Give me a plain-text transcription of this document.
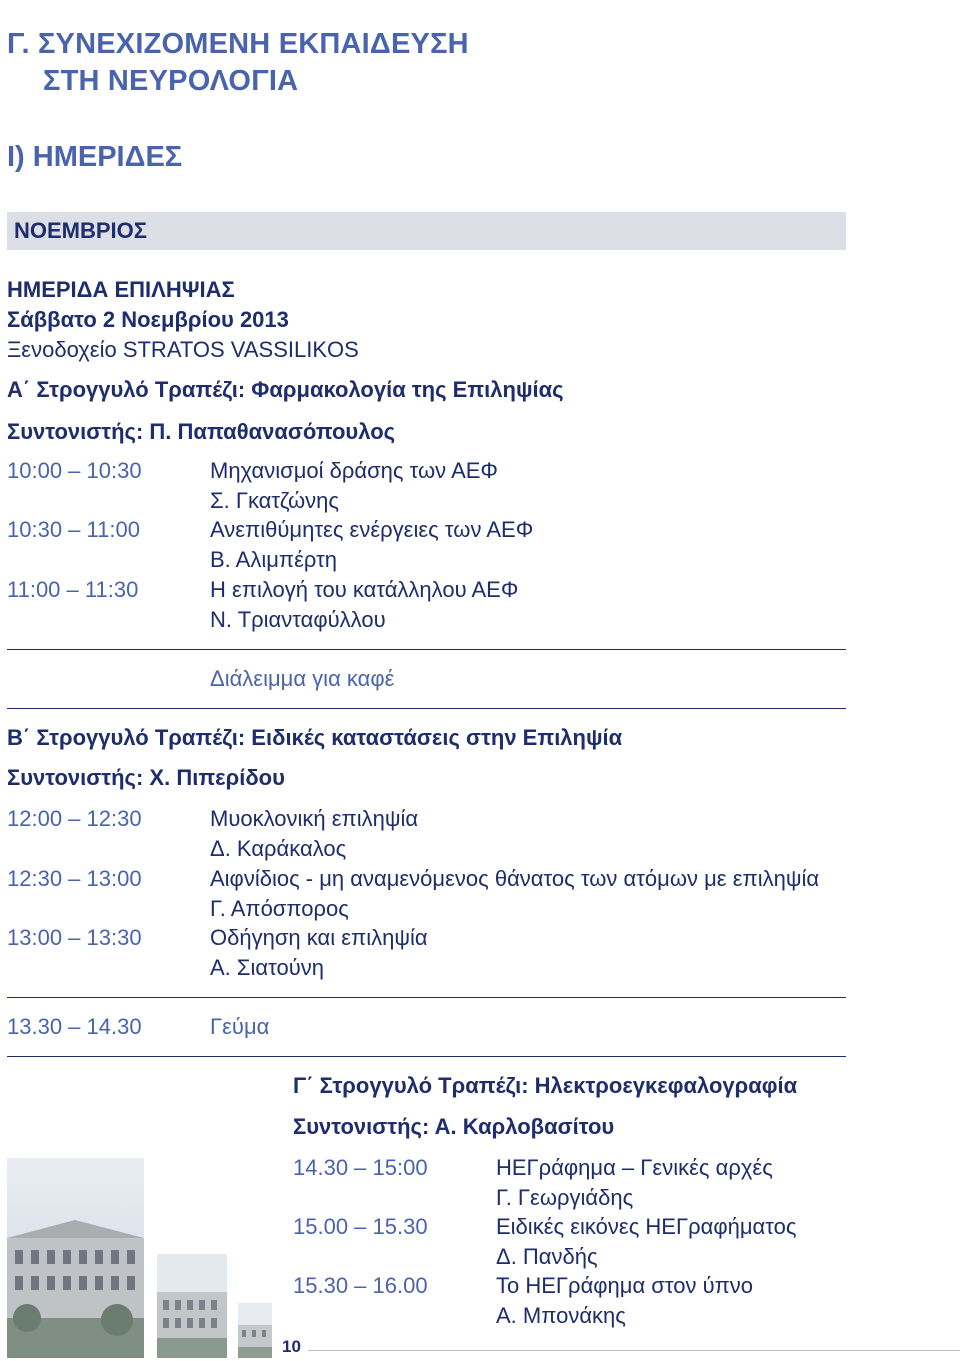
Γ. ΣΥΝΕΧΙΖΟΜΕΝΗ ΕΚΠΑΙΔΕΥΣΗ
ΣΤΗ ΝΕΥΡΟΛΟΓΙΑ
Ι) ΗΜΕΡΙΔΕΣ
ΝΟΕΜΒΡΙΟΣ
ΗΜΕΡΙΔΑ ΕΠΙΛΗΨΙΑΣ
Σάββατο 2 Νοεμβρίου 2013
Ξενοδοχείο STRATOS VASSILIKOS
Α΄ Στρογγυλό Τραπέζι: Φαρμακολογία της Επιληψίας
Συντονιστής: Π. Παπαθανασόπουλος
10:00 – 10:30	Μηχανισμοί δράσης των ΑΕΦ
Σ. Γκατζώνης
10:30 – 11:00	Ανεπιθύμητες ενέργειες των ΑΕΦ
Β. Αλιμπέρτη
11:00 – 11:30	Η επιλογή του κατάλληλου ΑΕΦ
Ν. Τριανταφύλλου
Διάλειμμα για καφέ
Β΄ Στρογγυλό Τραπέζι: Ειδικές καταστάσεις στην Επιληψία
Συντονιστής: Χ. Πιπερίδου
12:00 – 12:30	Μυοκλονική επιληψία
Δ. Καράκαλος
12:30 – 13:00	Αιφνίδιος - μη αναμενόμενος θάνατος των ατόμων με επιληψία
Γ. Απόσπορος
13:00 – 13:30	Οδήγηση και επιληψία
Α. Σιατούνη
13.30 – 14.30	Γεύμα
Γ΄ Στρογγυλό Τραπέζι: Ηλεκτροεγκεφαλογραφία
Συντονιστής: Α. Καρλοβασίτου
14.30 – 15:00	ΗΕΓράφημα – Γενικές αρχές
Γ. Γεωργιάδης
15.00 – 15.30	Ειδικές εικόνες ΗΕΓραφήματος
Δ. Πανδής
15.30 – 16.00	Το ΗΕΓράφημα στον ύπνο
Α. Μπονάκης
10
